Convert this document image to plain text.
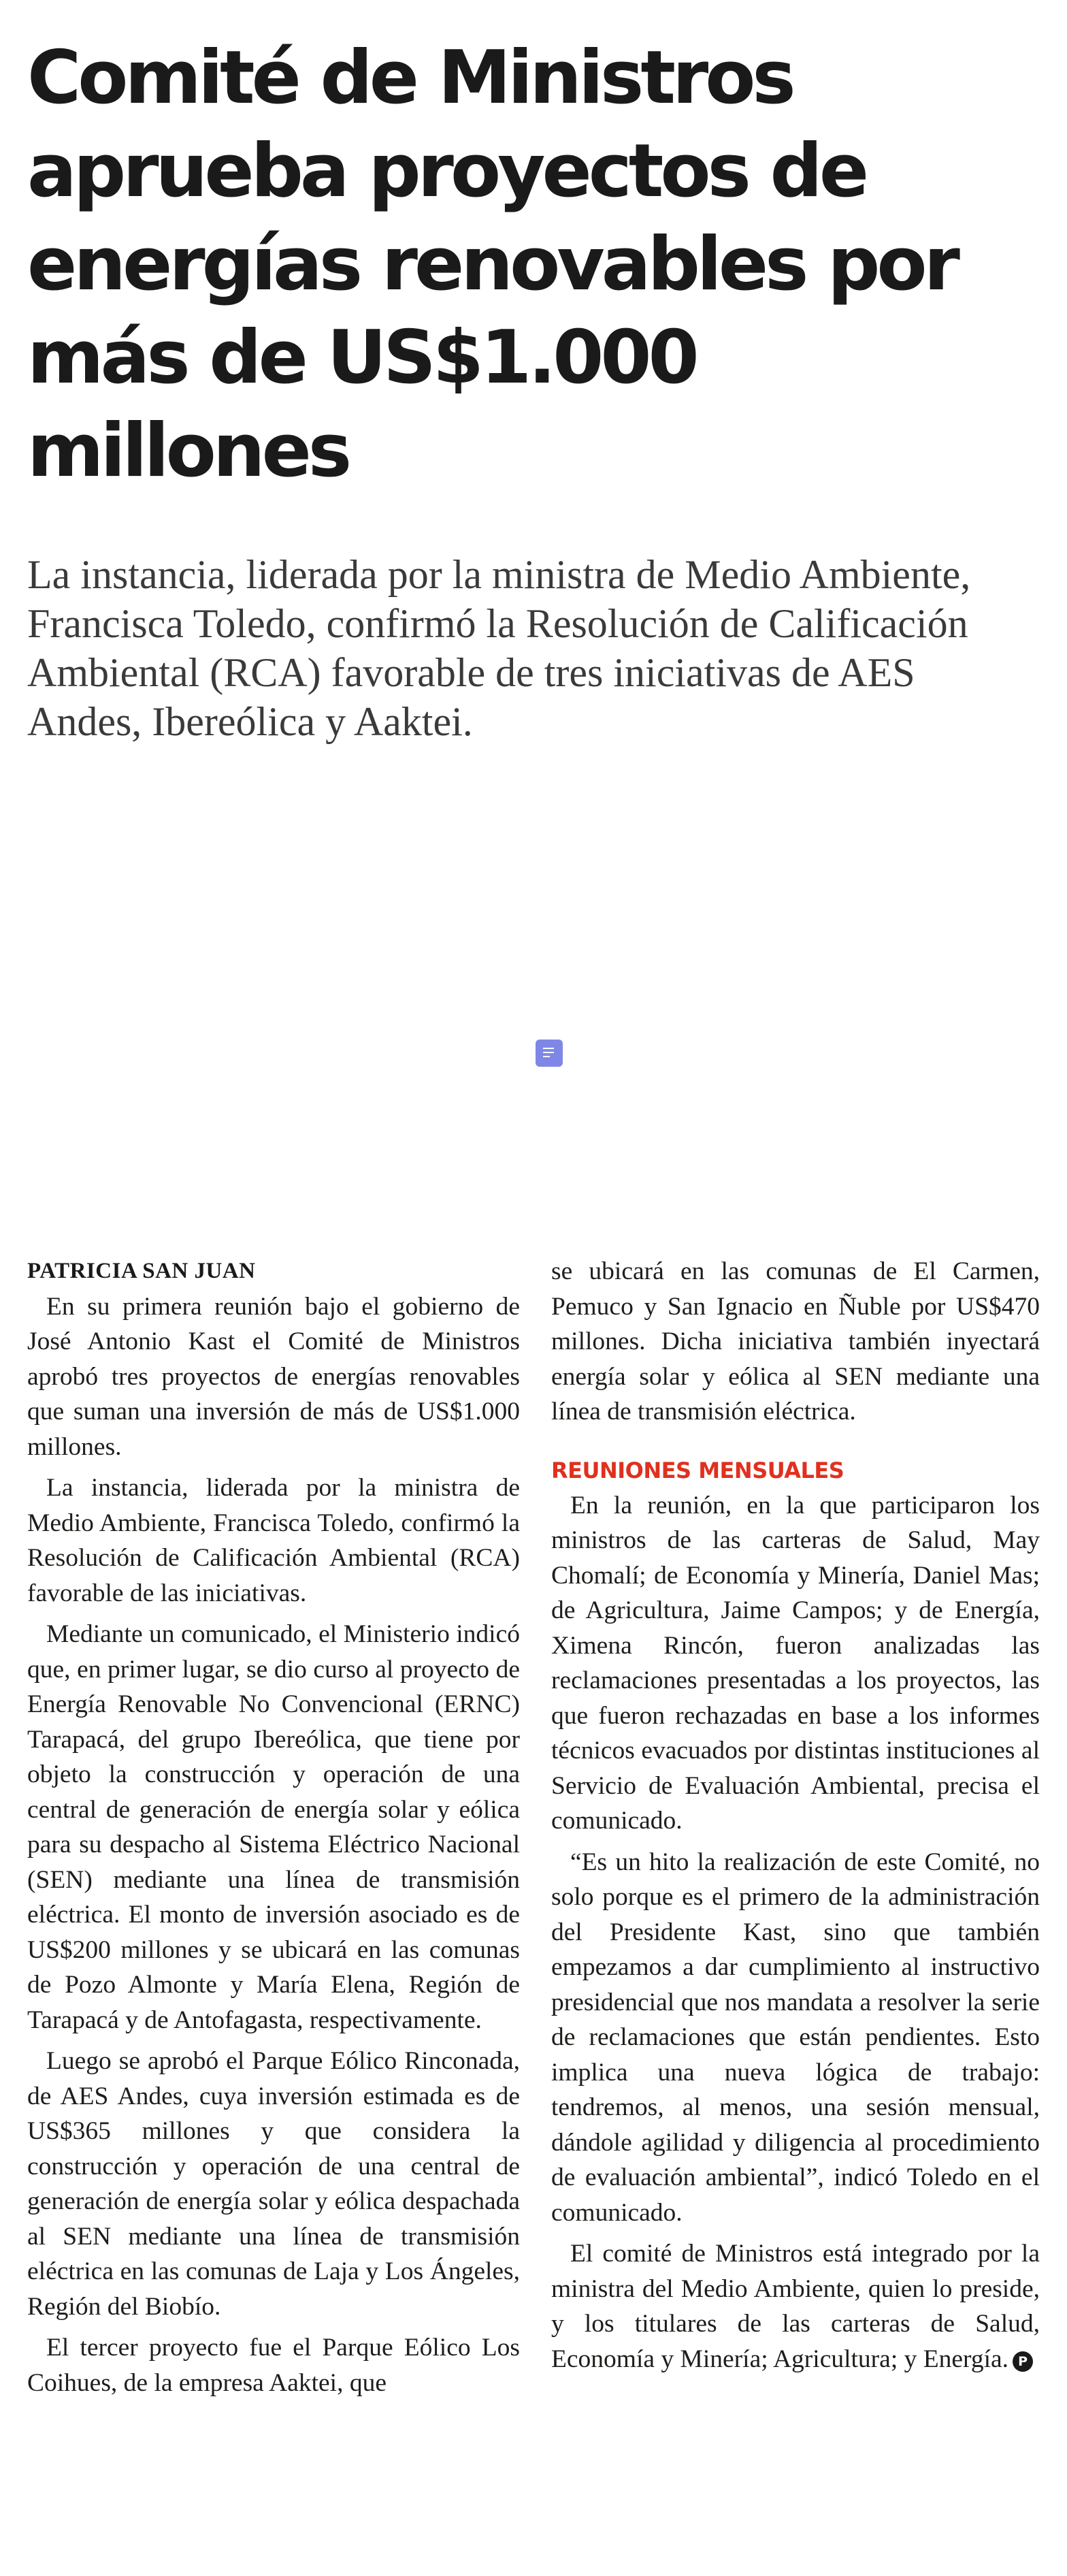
Comité de Ministros aprueba proyectos de energías renovables por más de US$1.000 millones

La instancia, liderada por la ministra de Medio Ambiente, Francisca Toledo, confirmó la Resolución de Calificación Ambiental (RCA) favorable de tres iniciativas de AES Andes, Ibereólica y Aaktei.

PATRICIA SAN JUAN

En su primera reunión bajo el gobierno de José Antonio Kast el Comité de Ministros aprobó tres proyectos de energías renovables que suman una inversión de más de US$1.000 millones.

La instancia, liderada por la ministra de Medio Ambiente, Francisca Toledo, confirmó la Resolución de Calificación Ambiental (RCA) favorable de las iniciativas.

Mediante un comunicado, el Ministerio indicó que, en primer lugar, se dio curso al proyecto de Energía Renovable No Convencional (ERNC) Tarapacá, del grupo Ibereólica, que tiene por objeto la construcción y operación de una central de generación de energía solar y eólica para su despacho al Sistema Eléctrico Nacional (SEN) mediante una línea de transmisión eléctrica. El monto de inversión asociado es de US$200 millones y se ubicará en las comunas de Pozo Almonte y María Elena, Región de Tarapacá y de Antofagasta, respectivamente.

Luego se aprobó el Parque Eólico Rinconada, de AES Andes, cuya inversión estimada es de US$365 millones y que considera la construcción y operación de una central de generación de energía solar y eólica despachada al SEN mediante una línea de transmisión eléctrica en las comunas de Laja y Los Ángeles, Región del Biobío.

El tercer proyecto fue el Parque Eólico Los Coihues, de la empresa Aaktei, que

se ubicará en las comunas de El Carmen, Pemuco y San Ignacio en Ñuble por US$470 millones. Dicha iniciativa también inyectará energía solar y eólica al SEN mediante una línea de transmisión eléctrica.

REUNIONES MENSUALES

En la reunión, en la que participaron los ministros de las carteras de Salud, May Chomalí; de Economía y Minería, Daniel Mas; de Agricultura, Jaime Campos; y de Energía, Ximena Rincón, fueron analizadas las reclamaciones presentadas a los proyectos, las que fueron rechazadas en base a los informes técnicos evacuados por distintas instituciones al Servicio de Evaluación Ambiental, precisa el comunicado.

“Es un hito la realización de este Comité, no solo porque es el primero de la administración del Presidente Kast, sino que también empezamos a dar cumplimiento al instructivo presidencial que nos mandata a resolver la serie de reclamaciones que están pendientes. Esto implica una nueva lógica de trabajo: tendremos, al menos, una sesión mensual, dándole agilidad y diligencia al procedimiento de evaluación ambiental”, indicó Toledo en el comunicado.

El comité de Ministros está integrado por la ministra del Medio Ambiente, quien lo preside, y los titulares de las carteras de Salud, Economía y Minería; Agricultura; y Energía. P
